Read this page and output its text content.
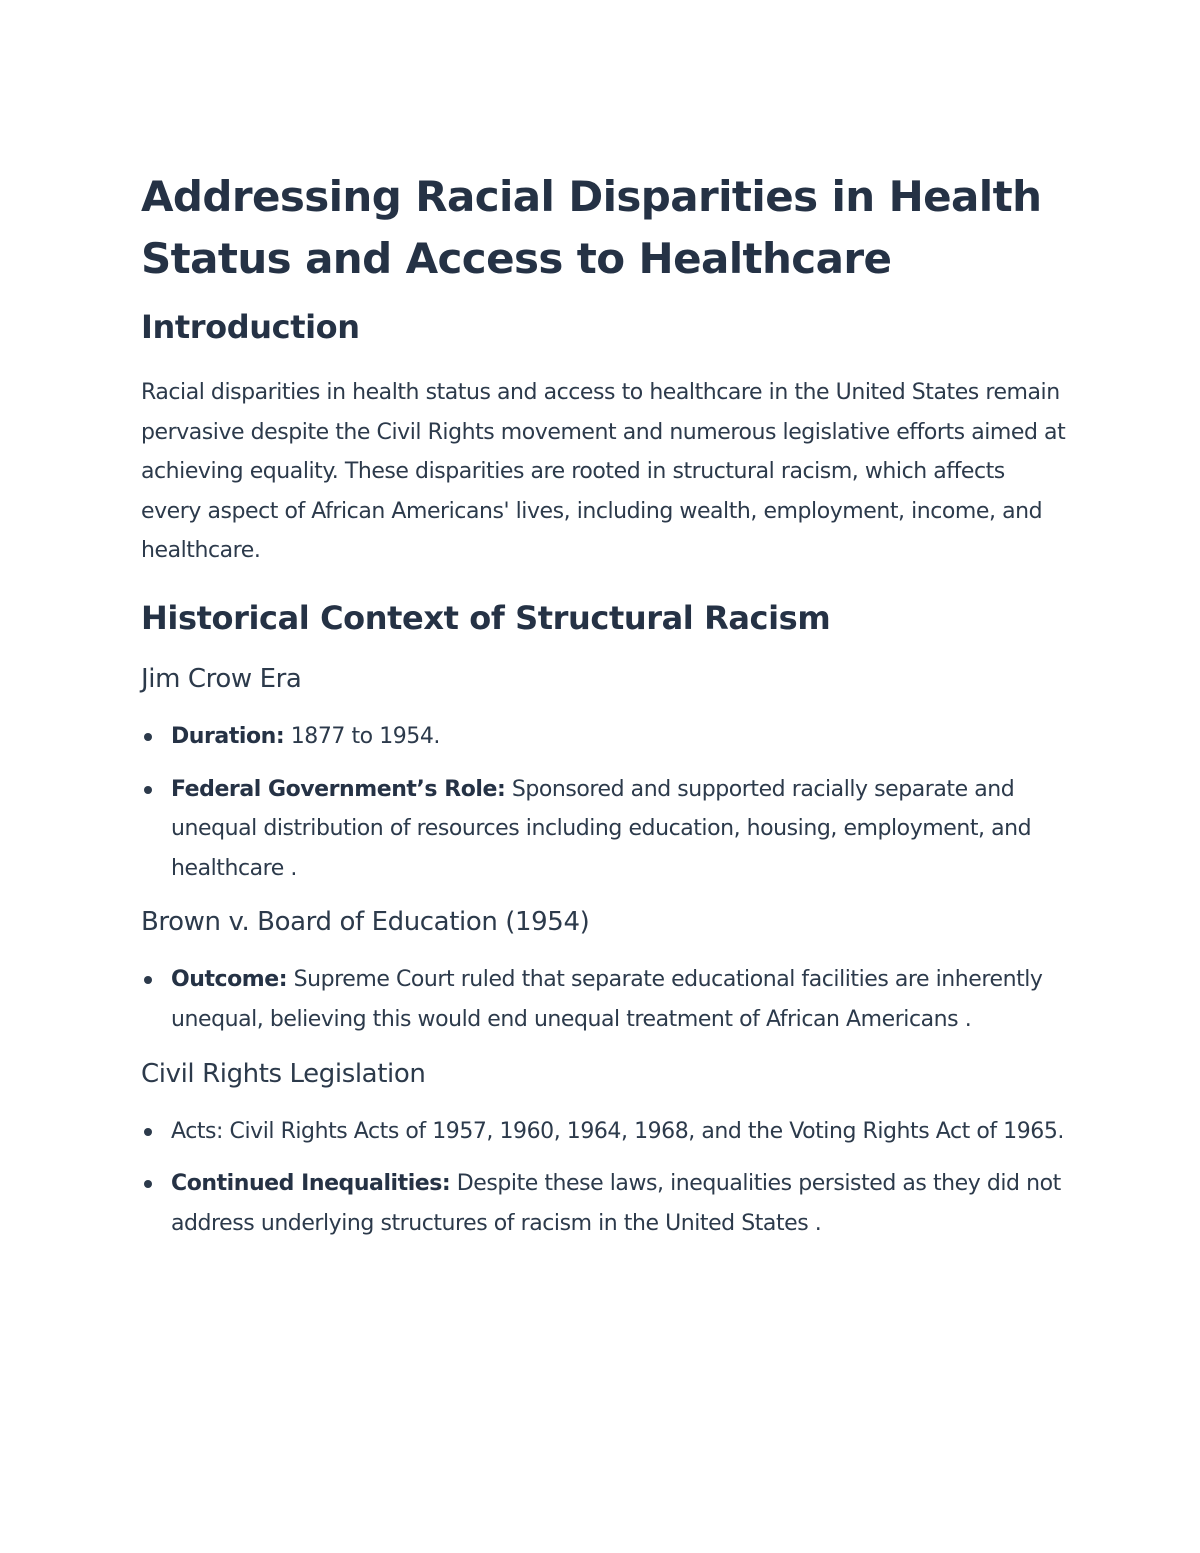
Addressing Racial Disparities in Health Status and Access to Healthcare
Introduction

Racial disparities in health status and access to healthcare in the United States remain pervasive despite the Civil Rights movement and numerous legislative efforts aimed at achieving equality. These disparities are rooted in structural racism, which affects every aspect of African Americans' lives, including wealth, employment, income, and healthcare.

Historical Context of Structural Racism
Jim Crow Era
Duration: 1877 to 1954.
Federal Government’s Role: Sponsored and supported racially separate and unequal distribution of resources including education, housing, employment, and healthcare .
Brown v. Board of Education (1954)
Outcome: Supreme Court ruled that separate educational facilities are inherently unequal, believing this would end unequal treatment of African Americans .
Civil Rights Legislation
Acts: Civil Rights Acts of 1957, 1960, 1964, 1968, and the Voting Rights Act of 1965.
Continued Inequalities: Despite these laws, inequalities persisted as they did not address underlying structures of racism in the United States .
